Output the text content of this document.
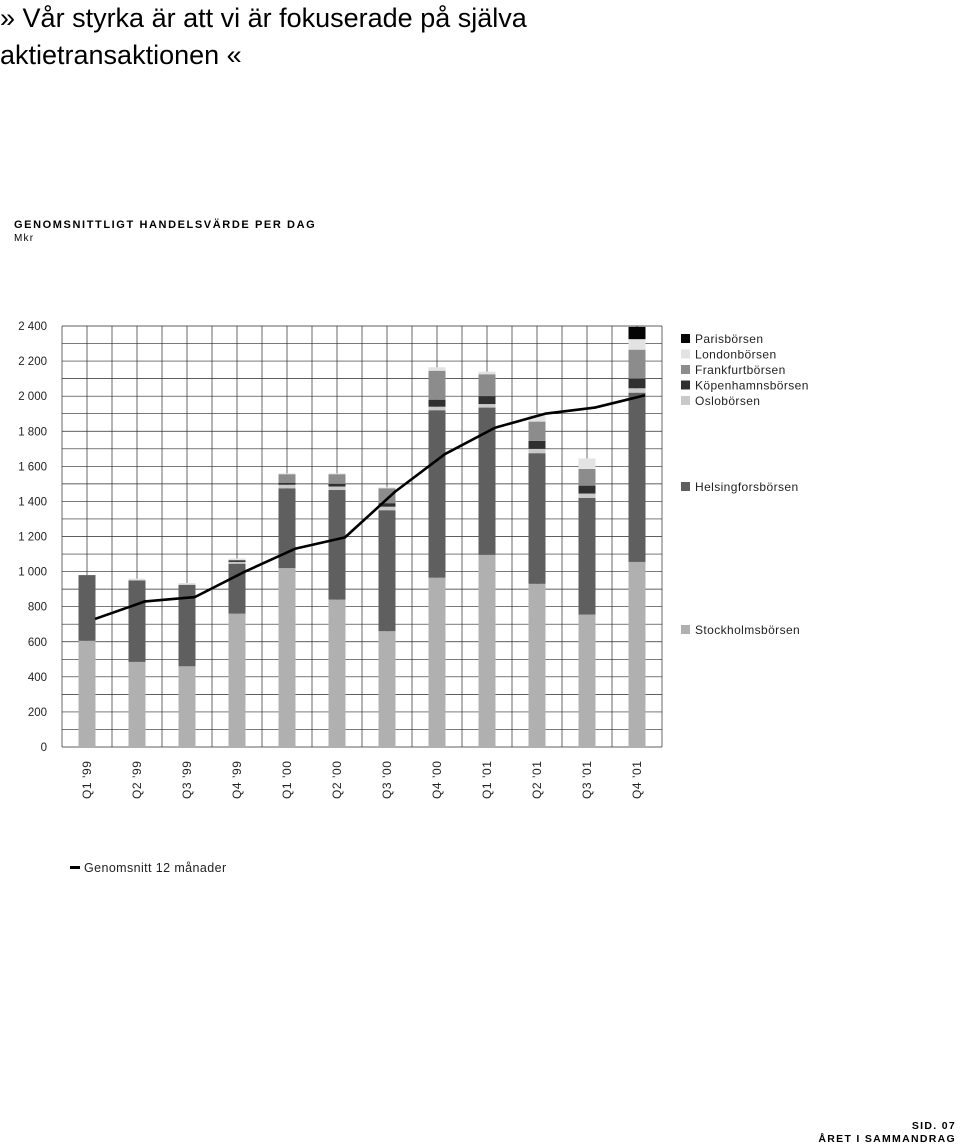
» Vår styrka är att vi är fokuserade på själva aktietransaktionen «
GENOMSNITTLIGT HANDELSVÄRDE PER DAG
Mkr
0
200
400
600
800
1 000
1 200
1 400
1 600
1 800
2 000
2 200
2 400
Q1 '99	Q2 '99	Q3 '99	Q4 '99	Q1 '00	Q2 '00	Q3 '00	Q4 '00	Q1 '01	Q2 '01	Q3 '01	Q4 '01
Parisbörsen
Londonbörsen
Frankfurtbörsen
Köpenhamnsbörsen
Oslobörsen
Helsingforsbörsen
Stockholmsbörsen
Genomsnitt 12 månader
SID. 07
ÅRET I SAMMANDRAG
